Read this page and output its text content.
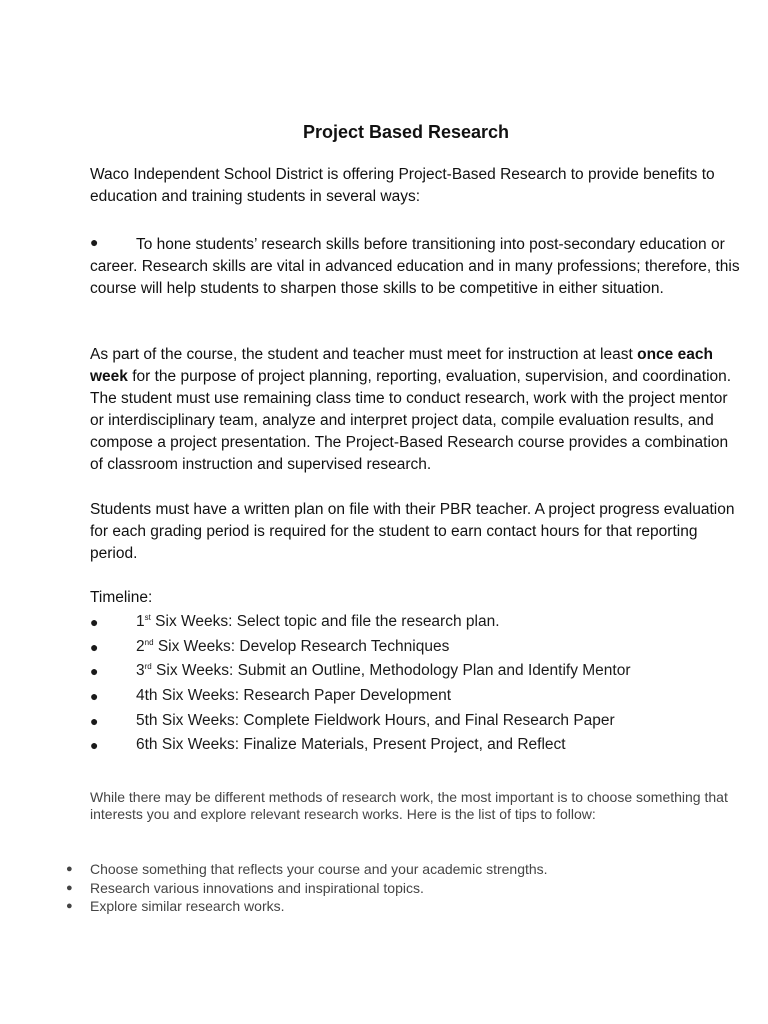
Project Based Research

Waco Independent School District is offering Project-Based Research to provide benefits to education and training students in several ways:

●	To hone students’ research skills before transitioning into post-secondary education or career. Research skills are vital in advanced education and in many professions; therefore, this course will help students to sharpen those skills to be competitive in either situation.

As part of the course, the student and teacher must meet for instruction at least once each week for the purpose of project planning, reporting, evaluation, supervision, and coordination. The student must use remaining class time to conduct research, work with the project mentor or interdisciplinary team, analyze and interpret project data, compile evaluation results, and compose a project presentation. The Project-Based Research course provides a combination of classroom instruction and supervised research.

Students must have a written plan on file with their PBR teacher. A project progress evaluation for each grading period is required for the student to earn contact hours for that reporting period.

Timeline:

● 1st Six Weeks: Select topic and file the research plan.
● 2nd Six Weeks: Develop Research Techniques
● 3rd Six Weeks: Submit an Outline, Methodology Plan and Identify Mentor
● 4th Six Weeks: Research Paper Development
● 5th Six Weeks: Complete Fieldwork Hours, and Final Research Paper
● 6th Six Weeks: Finalize Materials, Present Project, and Reflect

While there may be different methods of research work, the most important is to choose something that interests you and explore relevant research works. Here is the list of tips to follow:

● Choose something that reflects your course and your academic strengths.
● Research various innovations and inspirational topics.
● Explore similar research works.
